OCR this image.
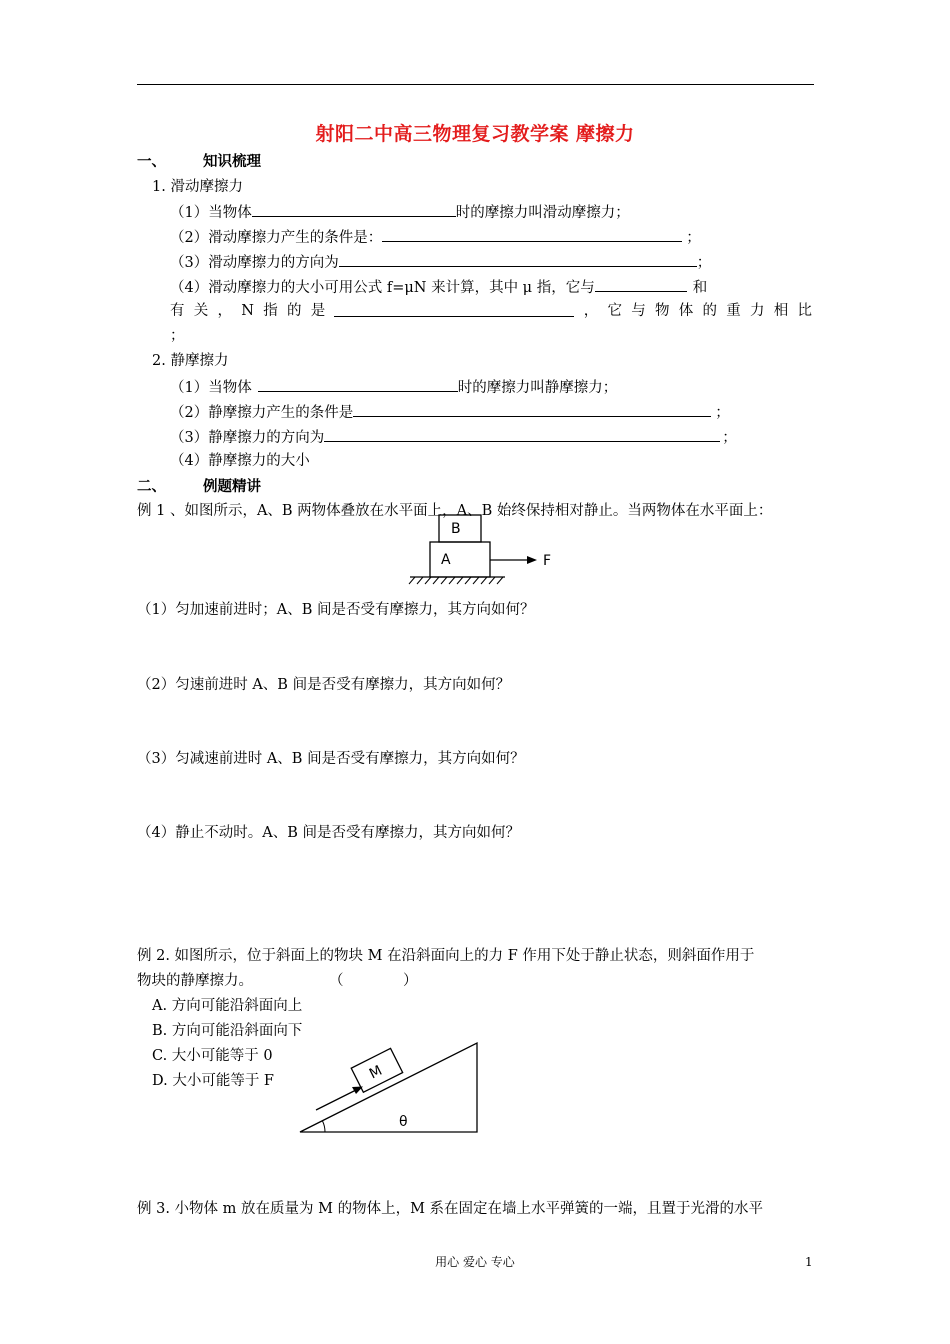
射阳二中高三物理复习教学案 摩擦力
一、	知识梳理
1. 滑动摩擦力
（1）当物体	时的摩擦力叫滑动摩擦力；
（2）滑动摩擦力产生的条件是：	；
（3）滑动摩擦力的方向为	；
（4）滑动摩擦力的大小可用公式 f=μN 来计算，其中 μ 指，它与	和
有 关 ， N 指 的 是	， 它 与 物 体 的 重 力 相 比
；
2. 静摩擦力
（1）当物体	时的摩擦力叫静摩擦力；
（2）静摩擦力产生的条件是	；
（3）静摩擦力的方向为	；
（4）静摩擦力的大小
二、	例题精讲
例 1 、如图所示，A、B 两物体叠放在水平面上，A、B 始终保持相对静止。当两物体在水平面上：
B
A	F
（1）匀加速前进时；A、B 间是否受有摩擦力，其方向如何？
（2）匀速前进时 A、B 间是否受有摩擦力，其方向如何？
（3）匀减速前进时 A、B 间是否受有摩擦力，其方向如何？
（4）静止不动时。A、B 间是否受有摩擦力，其方向如何？
例 2. 如图所示，位于斜面上的物块 M 在沿斜面向上的力 F 作用下处于静止状态，则斜面作用于
物块的静摩擦力。	（	）
A. 方向可能沿斜面向上
B. 方向可能沿斜面向下
C. 大小可能等于 0
D. 大小可能等于 F	M
θ
例 3. 小物体 m 放在质量为 M 的物体上，M 系在固定在墙上水平弹簧的一端，且置于光滑的水平
用心 爱心 专心	1
